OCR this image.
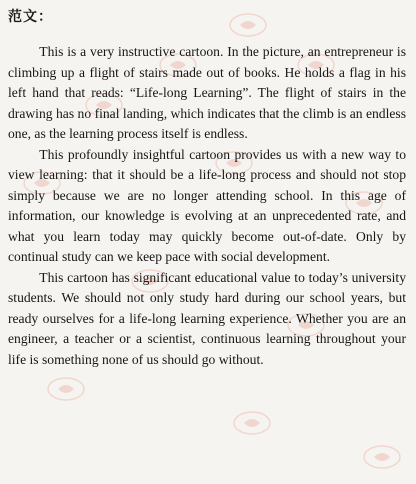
范文：

This is a very instructive cartoon. In the picture, an entrepreneur is climbing up a flight of stairs made out of books. He holds a flag in his left hand that reads: “Life-long Learning”. The flight of stairs in the drawing has no final landing, which indicates that the climb is an endless one, as the learning process itself is endless.

This profoundly insightful cartoon provides us with a new way to view learning: that it should be a life-long process and should not stop simply because we are no longer attending school. In this age of information, our knowledge is evolving at an unprecedented rate, and what you learn today may quickly become out-of-date. Only by continual study can we keep pace with social development.

This cartoon has significant educational value to today’s university students. We should not only study hard during our school years, but ready ourselves for a life-long learning experience. Whether you are an engineer, a teacher or a scientist, continuous learning throughout your life is something none of us should go without.
